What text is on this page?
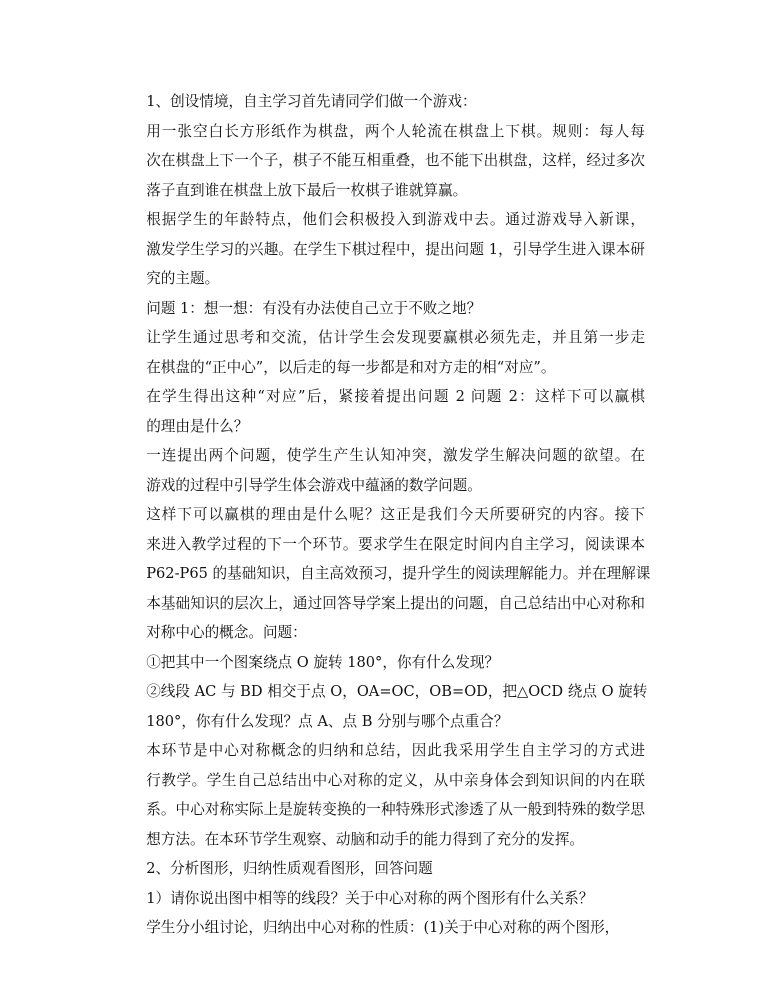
1、创设情境，自主学习首先请同学们做一个游戏：
用一张空白长方形纸作为棋盘，两个人轮流在棋盘上下棋。规则：每人每
次在棋盘上下一个子，棋子不能互相重叠，也不能下出棋盘，这样，经过多次
落子直到谁在棋盘上放下最后一枚棋子谁就算赢。
根据学生的年龄特点，他们会积极投入到游戏中去。通过游戏导入新课，
激发学生学习的兴趣。在学生下棋过程中，提出问题 1，引导学生进入课本研
究的主题。
问题 1：想一想：有没有办法使自己立于不败之地？
让学生通过思考和交流，估计学生会发现要赢棋必须先走，并且第一步走
在棋盘的“正中心”，以后走的每一步都是和对方走的相“对应”。
在学生得出这种“对应”后，紧接着提出问题 2 问题 2：这样下可以赢棋
的理由是什么？
一连提出两个问题，使学生产生认知冲突，激发学生解决问题的欲望。在
游戏的过程中引导学生体会游戏中蕴涵的数学问题。
这样下可以赢棋的理由是什么呢？这正是我们今天所要研究的内容。接下
来进入教学过程的下一个环节。要求学生在限定时间内自主学习，阅读课本
P62-P65 的基础知识，自主高效预习，提升学生的阅读理解能力。并在理解课
本基础知识的层次上，通过回答导学案上提出的问题，自己总结出中心对称和
对称中心的概念。问题：
①把其中一个图案绕点 O 旋转 180°，你有什么发现？
②线段 AC 与 BD 相交于点 O，OA=OC，OB=OD，把△OCD 绕点 O 旋转
180°，你有什么发现？点 A、点 B 分别与哪个点重合？
本环节是中心对称概念的归纳和总结，因此我采用学生自主学习的方式进
行教学。学生自己总结出中心对称的定义，从中亲身体会到知识间的内在联
系。中心对称实际上是旋转变换的一种特殊形式渗透了从一般到特殊的数学思
想方法。在本环节学生观察、动脑和动手的能力得到了充分的发挥。
2、分析图形，归纳性质观看图形，回答问题
1）请你说出图中相等的线段？关于中心对称的两个图形有什么关系？
学生分小组讨论，归纳出中心对称的性质：(1)关于中心对称的两个图形，
